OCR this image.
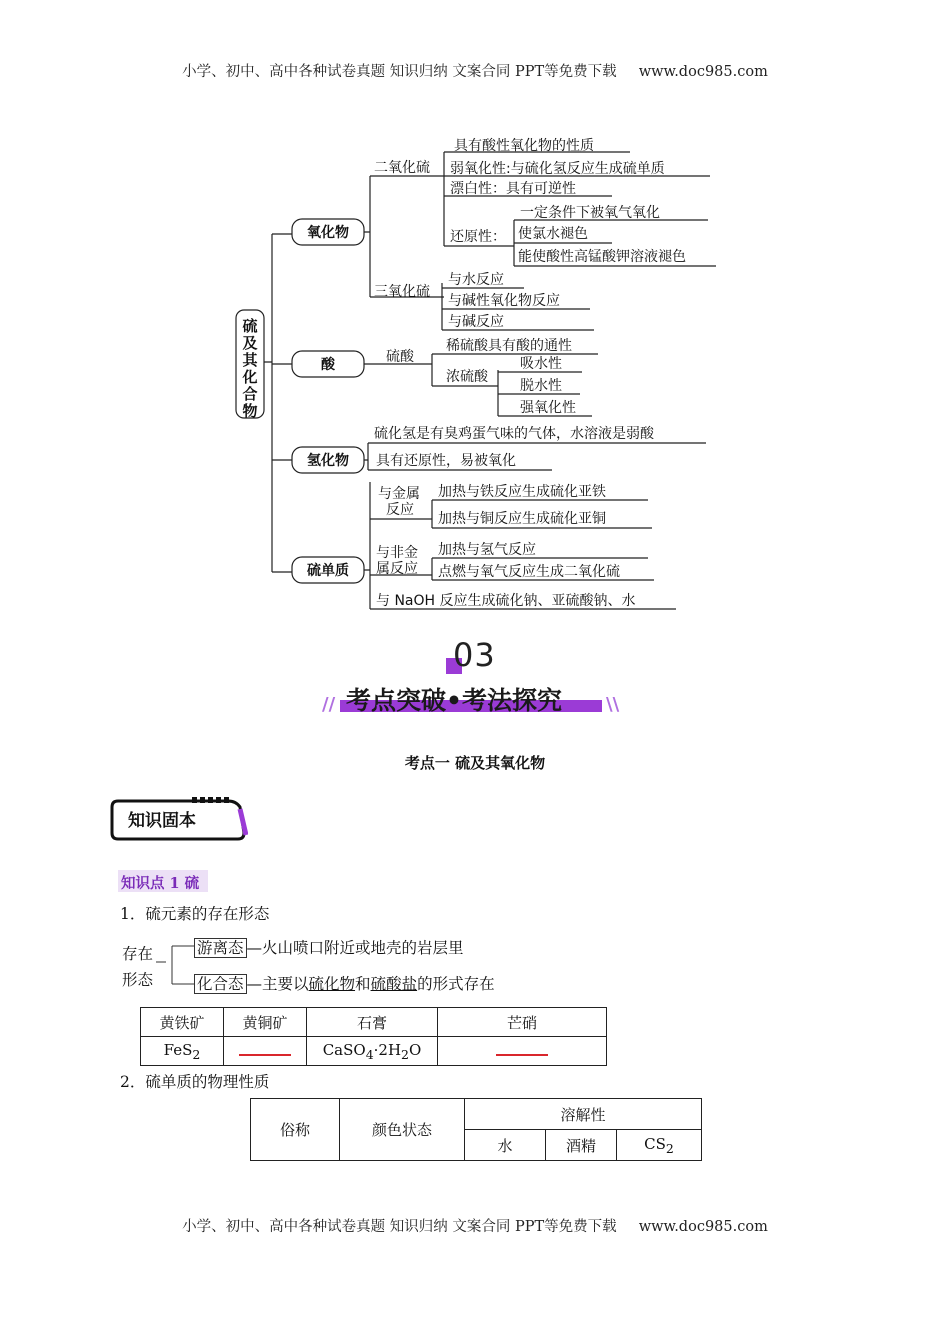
小学、初中、高中各种试卷真题 知识归纳 文案合同 PPT等免费下载 www.doc985.com
硫及其化合物
氧化物
酸
氢化物
硫单质
二氧化硫
具有酸性氧化物的性质
弱氧化性:与硫化氢反应生成硫单质
漂白性：具有可逆性
还原性：
一定条件下被氧气氧化
使氯水褪色
能使酸性高锰酸钾溶液褪色
三氧化硫
与水反应
与碱性氧化物反应
与碱反应
硫酸
稀硫酸具有酸的通性
浓硫酸
吸水性
脱水性
强氧化性
硫化氢是有臭鸡蛋气味的气体，水溶液是弱酸
具有还原性，易被氧化
与金属
反应
加热与铁反应生成硫化亚铁
加热与铜反应生成硫化亚铜
与非金
属反应
加热与氢气反应
点燃与氧气反应生成二氧化硫
与 NaOH 反应生成硫化钠、亚硫酸钠、水
03
考点突破•考法探究
//	\\
考点一 硫及其氧化物
知识固本
知识点 1 硫
1．硫元素的存在形态
存在
形态
游离态 —火山喷口附近或地壳的岩层里
化合态 —主要以硫化物和硫酸盐的形式存在
黄铁矿	黄铜矿	石膏	芒硝
FeS$_2$		$CaSO_4\cdot 2H_2O$	
2．硫单质的物理性质
俗称	颜色状态	溶解性		
		水	酒精	$CS_2$
小学、初中、高中各种试卷真题 知识归纳 文案合同 PPT等免费下载 www.doc985.com
